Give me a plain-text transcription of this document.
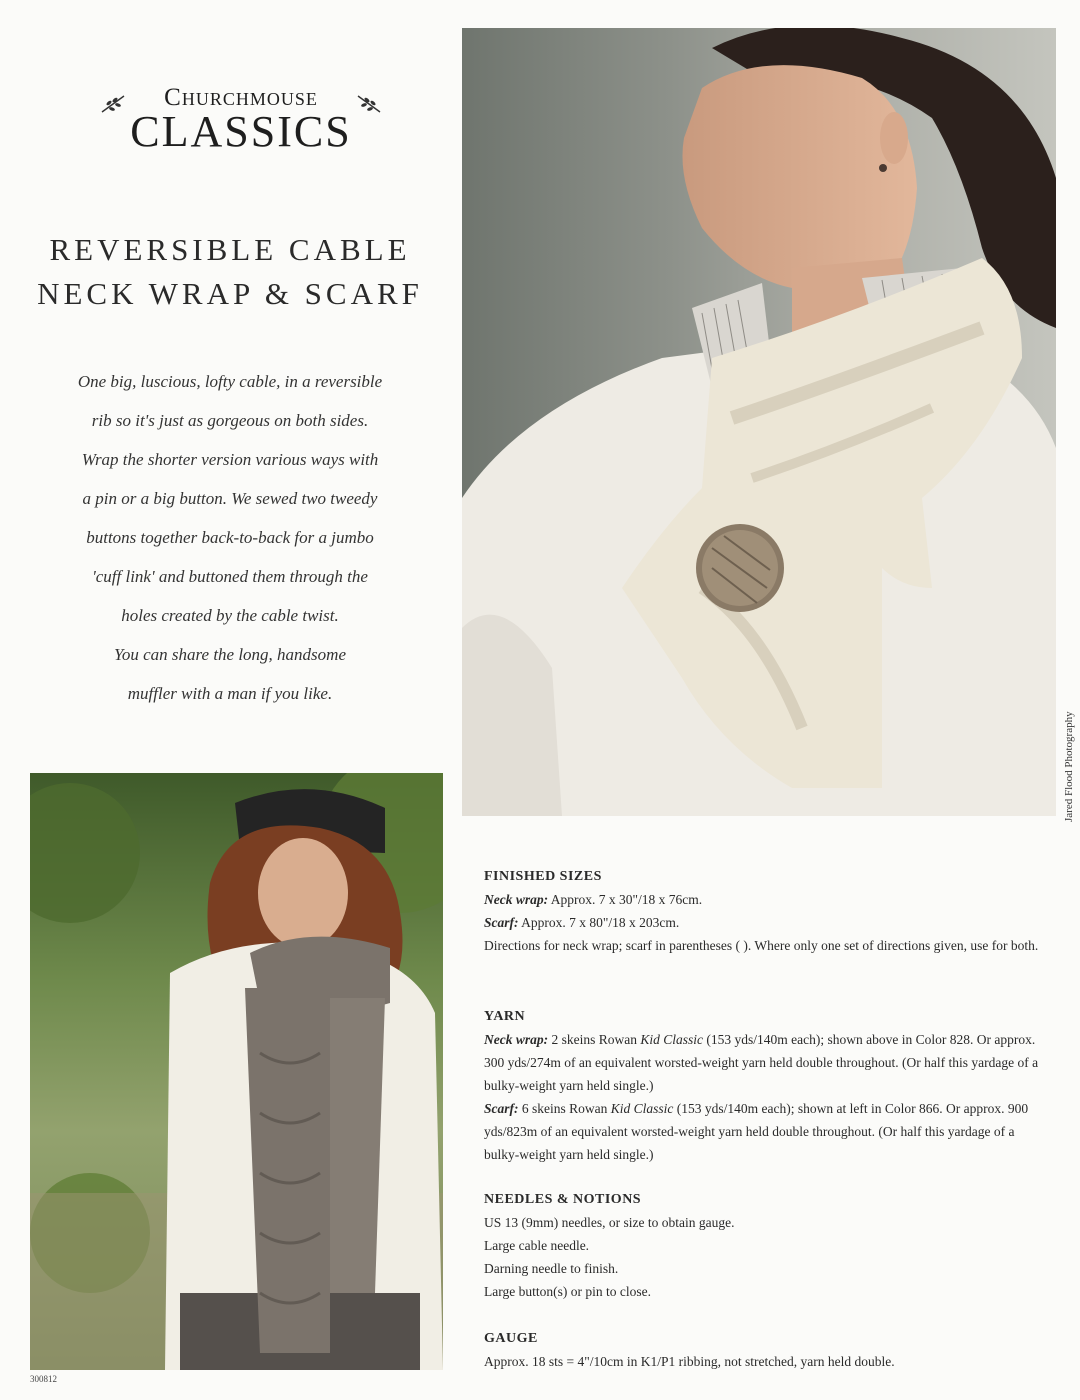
Churchmouse
CLASSICS
REVERSIBLE CABLE
NECK WRAP & SCARF
One big, luscious, lofty cable, in a reversible
rib so it's just as gorgeous on both sides.
Wrap the shorter version various ways with
a pin or a big button. We sewed two tweedy
buttons together back-to-back for a jumbo
'cuff link' and buttoned them through the
holes created by the cable twist.
You can share the long, handsome
muffler with a man if you like.
Jared Flood Photography
300812
FINISHED SIZES

Neck wrap: Approx. 7 x 30"/18 x 76cm.

Scarf: Approx. 7 x 80"/18 x 203cm.

Directions for neck wrap; scarf in parentheses ( ). Where only one set of directions given, use for both.

YARN

Neck wrap: 2 skeins Rowan Kid Classic (153 yds/140m each); shown above in Color 828. Or approx. 300 yds/274m of an equivalent worsted-weight yarn held double throughout. (Or half this yardage of a bulky-weight yarn held single.)

Scarf: 6 skeins Rowan Kid Classic (153 yds/140m each); shown at left in Color 866. Or approx. 900 yds/823m of an equivalent worsted-weight yarn held double throughout. (Or half this yardage of a bulky-weight yarn held single.)

NEEDLES & NOTIONS

US 13 (9mm) needles, or size to obtain gauge.

Large cable needle.

Darning needle to finish.

Large button(s) or pin to close.

GAUGE

Approx. 18 sts = 4"/10cm in K1/P1 ribbing, not stretched, yarn held double.
